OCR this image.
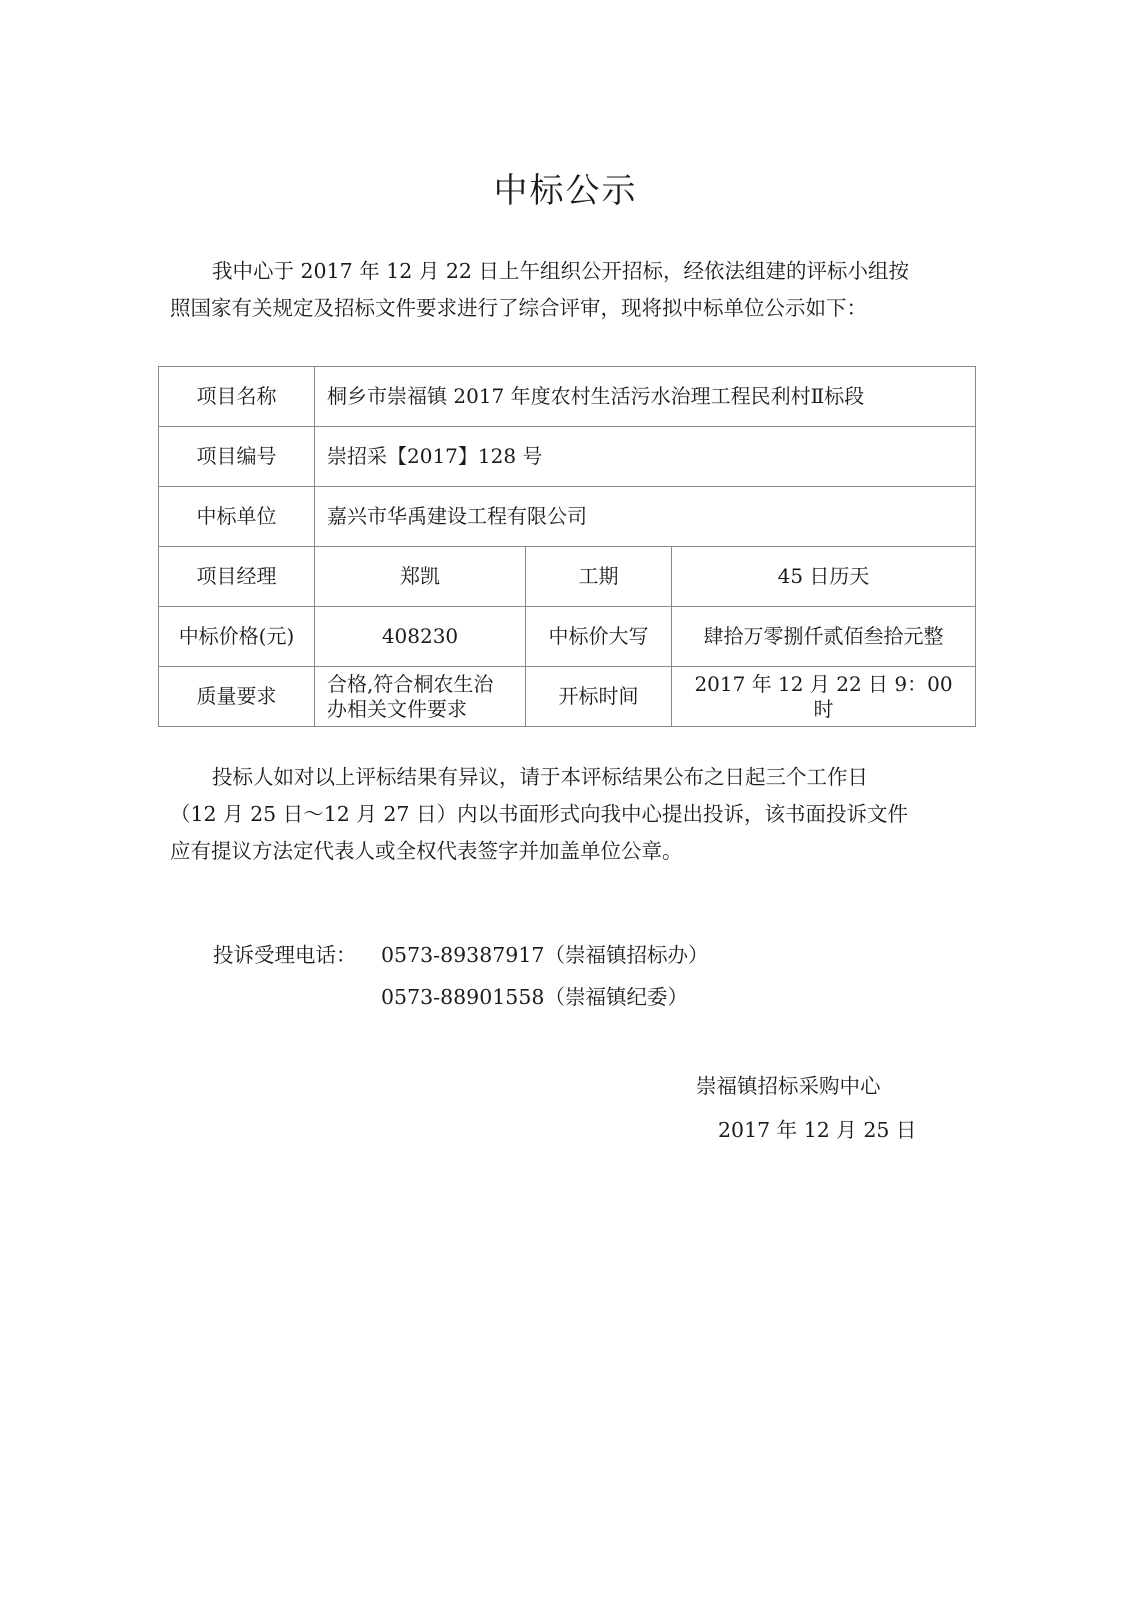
中标公示

我中心于 2017 年 12 月 22 日上午组织公开招标，经依法组建的评标小组按
照国家有关规定及招标文件要求进行了综合评审，现将拟中标单位公示如下：

项目名称	桐乡市崇福镇 2017 年度农村生活污水治理工程民利村Ⅱ标段		
项目编号	崇招采【2017】128 号		
中标单位	嘉兴市华禹建设工程有限公司		
项目经理	郑凯	工期	45 日历天
中标价格(元)	408230	中标价大写	肆拾万零捌仟贰佰叁拾元整
质量要求	合格,符合桐农生治办相关文件要求	开标时间	2017 年 12 月 22 日 9：00 时

投标人如对以上评标结果有异议，请于本评标结果公布之日起三个工作日
（12 月 25 日～12 月 27 日）内以书面形式向我中心提出投诉，该书面投诉文件
应有提议方法定代表人或全权代表签字并加盖单位公章。

投诉受理电话： 0573-89387917（崇福镇招标办）
0573-88901558（崇福镇纪委）
崇福镇招标采购中心
2017 年 12 月 25 日
